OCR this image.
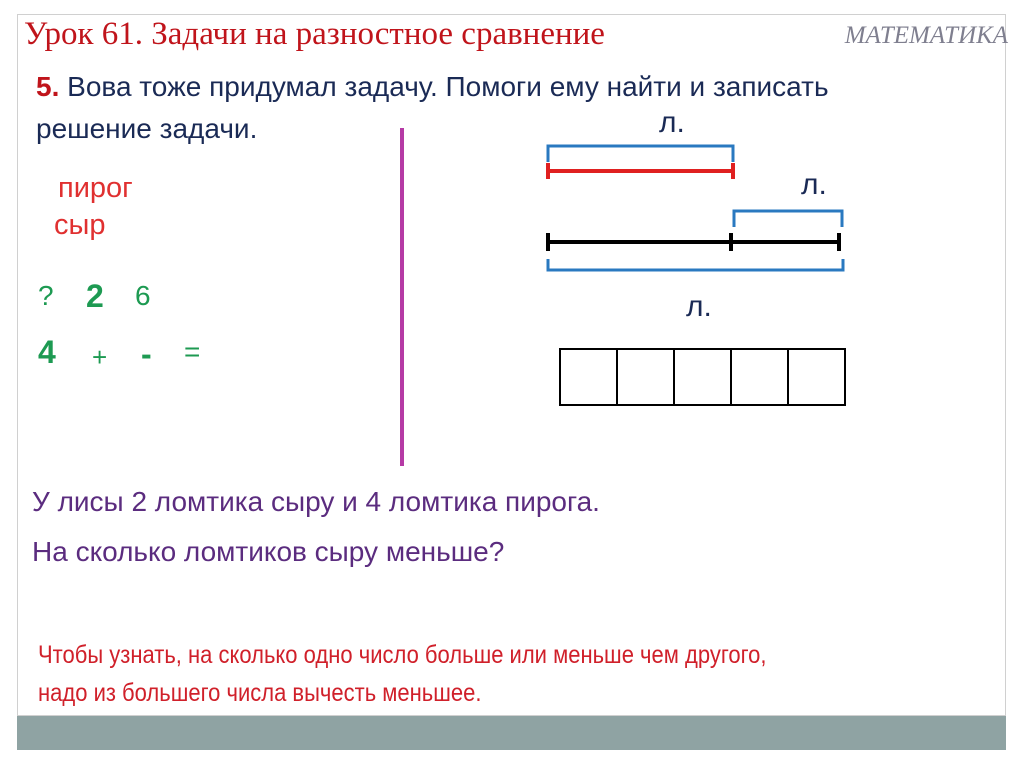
Урок 61. Задачи на разностное сравнение	МАТЕМАТИКА
5. Вова тоже придумал задачу. Помоги ему найти и записать
решение задачи.
пирог
сыр
? 2 6
4 + - =
л.
л.
л.
У лисы 2 ломтика сыру и 4 ломтика пирога.
На сколько ломтиков сыру меньше?
Чтобы узнать, на сколько одно число больше или меньше чем другого,
надо из большего числа вычесть меньшее.
